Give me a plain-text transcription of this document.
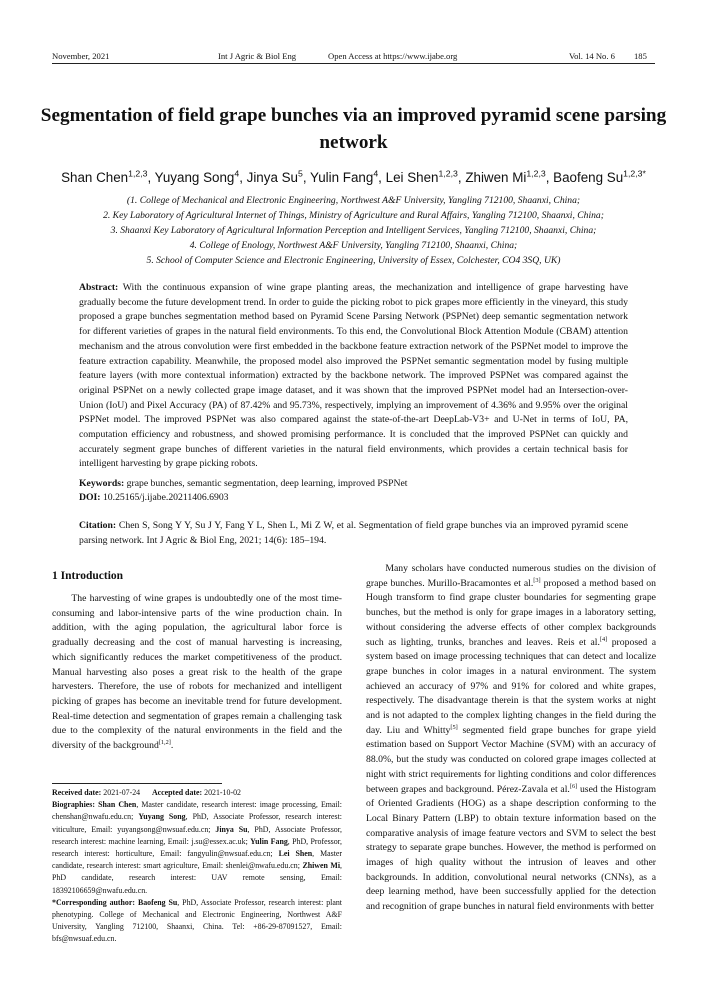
November, 2021	Int J Agric & Biol Eng	Open Access at https://www.ijabe.org	Vol. 14 No. 6 185
Segmentation of field grape bunches via an improved pyramid scene parsing network
Shan Chen$^{1,2,3}$, Yuyang Song$^4$, Jinya Su$^5$, Yulin Fang$^4$, Lei Shen$^{1,2,3}$, Zhiwen Mi$^{1,2,3}$, Baofeng $Su^{1,2,3*}$
(1. College of Mechanical and Electronic Engineering, Northwest A&F University, Yangling 712100, Shaanxi, China;
2. Key Laboratory of Agricultural Internet of Things, Ministry of Agriculture and Rural Affairs, Yangling 712100, Shaanxi, China;
3. Shaanxi Key Laboratory of Agricultural Information Perception and Intelligent Services, Yangling 712100, Shaanxi, China;
4. College of Enology, Northwest A&F University, Yangling 712100, Shaanxi, China;
5. School of Computer Science and Electronic Engineering, University of Essex, Colchester, CO4 3SQ, UK)

Abstract: With the continuous expansion of wine grape planting areas, the mechanization and intelligence of grape harvesting have gradually become the future development trend. In order to guide the picking robot to pick grapes more efficiently in the vineyard, this study proposed a grape bunches segmentation method based on Pyramid Scene Parsing Network (PSPNet) deep semantic segmentation network for different varieties of grapes in the natural field environments. To this end, the Convolutional Block Attention Module (CBAM) attention mechanism and the atrous convolution were first embedded in the backbone feature extraction network of the PSPNet model to improve the feature extraction capability. Meanwhile, the proposed model also improved the PSPNet semantic segmentation model by fusing multiple feature layers (with more contextual information) extracted by the backbone network. The improved PSPNet was compared against the original PSPNet on a newly collected grape image dataset, and it was shown that the improved PSPNet model had an Intersection-over-Union (IoU) and Pixel Accuracy (PA) of 87.42% and 95.73%, respectively, implying an improvement of 4.36% and 9.95% over the original PSPNet model. The improved PSPNet was also compared against the state-of-the-art DeepLab-V3+ and U-Net in terms of IoU, PA, computation efficiency and robustness, and showed promising performance. It is concluded that the improved PSPNet can quickly and accurately segment grape bunches of different varieties in the natural field environments, which provides a certain technical basis for intelligent harvesting by grape picking robots.

Keywords: grape bunches, semantic segmentation, deep learning, improved PSPNet
DOI: 10.25165/j.ijabe.20211406.6903
Citation: Chen S, Song Y Y, Su J Y, Fang Y L, Shen L, Mi Z W, et al. Segmentation of field grape bunches via an improved pyramid scene parsing network. Int J Agric & Biol Eng, 2021; 14(6): 185–194.
1 Introduction

The harvesting of wine grapes is undoubtedly one of the most time-consuming and labor-intensive parts of the wine production chain. In addition, with the aging population, the agricultural labor force is gradually decreasing and the cost of manual harvesting is increasing, which significantly reduces the market competitiveness of the product. Manual harvesting also poses a great risk to the health of the grape harvesters. Therefore, the use of robots for mechanized and intelligent picking of grapes has become an inevitable trend for future development. Real-time detection and segmentation of grapes remain a challenging task due to the complexity of the natural environments in the field and the diversity of the background[1,2].

Received date: 2021-07-24 Accepted date: 2021-10-02

Biographies: Shan Chen, Master candidate, research interest: image processing, Email: chenshan@nwafu.edu.cn; Yuyang Song, PhD, Associate Professor, research interest: viticulture, Email: yuyangsong@nwsuaf.edu.cn; Jinya Su, PhD, Associate Professor, research interest: machine learning, Email: j.su@essex.ac.uk; Yulin Fang, PhD, Professor, research interest: horticulture, Email: fangyulin@nwsuaf.edu.cn; Lei Shen, Master candidate, research interest: smart agriculture, Email: shenlei@nwafu.edu.cn; Zhiwen Mi, PhD candidate, research interest: UAV remote sensing, Email: 18392106659@nwafu.edu.cn.

*Corresponding author: Baofeng Su, PhD, Associate Professor, research interest: plant phenotyping. College of Mechanical and Electronic Engineering, Northwest A&F University, Yangling 712100, Shaanxi, China. Tel: +86-29-87091527, Email: bfs@nwsuaf.edu.cn.

Many scholars have conducted numerous studies on the division of grape bunches. Murillo-Bracamontes et al.[3] proposed a method based on Hough transform to find grape cluster boundaries for segmenting grape bunches, but the method is only for grape images in a laboratory setting, without considering the adverse effects of other complex backgrounds such as lighting, trunks, branches and leaves. Reis et al.[4] proposed a system based on image processing techniques that can detect and localize grape bunches in color images in a natural environment. The system achieved an accuracy of 97% and 91% for colored and white grapes, respectively. The disadvantage therein is that the system works at night and is not adapted to the complex lighting changes in the field during the day. Liu and Whitty[5] segmented field grape bunches for grape yield estimation based on Support Vector Machine (SVM) with an accuracy of 88.0%, but the study was conducted on colored grape images collected at night with strict requirements for lighting conditions and color differences between grapes and background. Pérez-Zavala et al.[6] used the Histogram of Oriented Gradients (HOG) as a shape description conforming to the Local Binary Pattern (LBP) to obtain texture information based on the comparative analysis of image feature vectors and SVM to select the best strategy to separate grape bunches. However, the method is performed on images of high quality without the intrusion of leaves and other backgrounds. In addition, convolutional neural networks (CNNs), as a deep learning method, have been successfully applied for the detection and recognition of grape bunches in natural field environments with better
